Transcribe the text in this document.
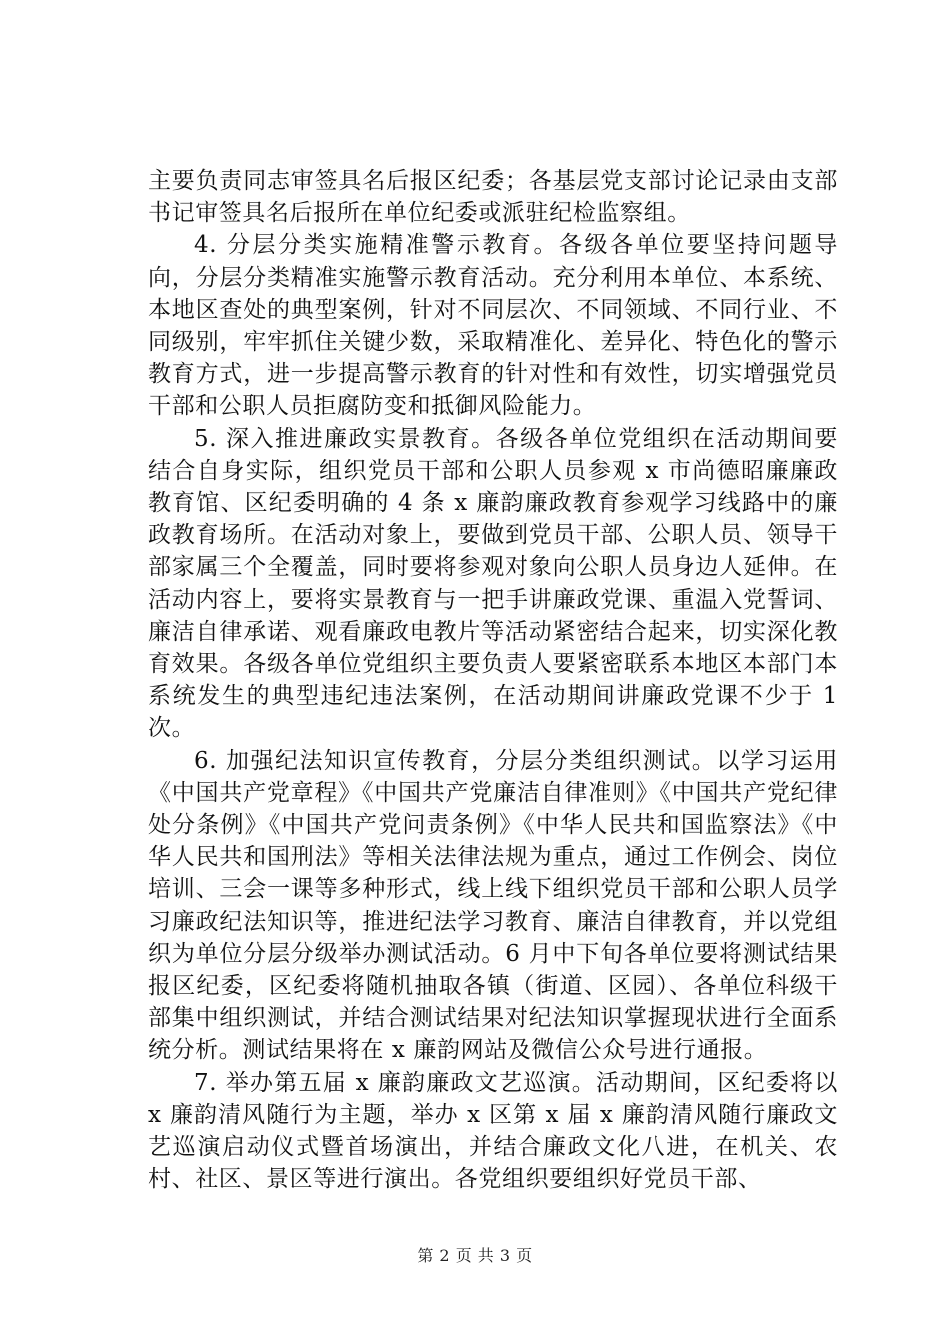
主要负责同志审签具名后报区纪委；各基层党支部讨论记录由支部书记审签具名后报所在单位纪委或派驻纪检监察组。

4. 分层分类实施精准警示教育。各级各单位要坚持问题导向，分层分类精准实施警示教育活动。充分利用本单位、本系统、本地区查处的典型案例，针对不同层次、不同领域、不同行业、不同级别，牢牢抓住关键少数，采取精准化、差异化、特色化的警示教育方式，进一步提高警示教育的针对性和有效性，切实增强党员干部和公职人员拒腐防变和抵御风险能力。

5. 深入推进廉政实景教育。各级各单位党组织在活动期间要结合自身实际，组织党员干部和公职人员参观 x 市尚德昭廉廉政教育馆、区纪委明确的 4 条 x 廉韵廉政教育参观学习线路中的廉政教育场所。在活动对象上，要做到党员干部、公职人员、领导干部家属三个全覆盖，同时要将参观对象向公职人员身边人延伸。在活动内容上，要将实景教育与一把手讲廉政党课、重温入党誓词、廉洁自律承诺、观看廉政电教片等活动紧密结合起来，切实深化教育效果。各级各单位党组织主要负责人要紧密联系本地区本部门本系统发生的典型违纪违法案例，在活动期间讲廉政党课不少于 1 次。

6. 加强纪法知识宣传教育，分层分类组织测试。以学习运用《中国共产党章程》《中国共产党廉洁自律准则》《中国共产党纪律处分条例》《中国共产党问责条例》《中华人民共和国监察法》《中华人民共和国刑法》等相关法律法规为重点，通过工作例会、岗位培训、三会一课等多种形式，线上线下组织党员干部和公职人员学习廉政纪法知识等，推进纪法学习教育、廉洁自律教育，并以党组织为单位分层分级举办测试活动。6 月中下旬各单位要将测试结果报区纪委，区纪委将随机抽取各镇（街道、区园）、各单位科级干部集中组织测试，并结合测试结果对纪法知识掌握现状进行全面系统分析。测试结果将在 x 廉韵网站及微信公众号进行通报。

7. 举办第五届 x 廉韵廉政文艺巡演。活动期间，区纪委将以 x 廉韵清风随行为主题，举办 x 区第 x 届 x 廉韵清风随行廉政文艺巡演启动仪式暨首场演出，并结合廉政文化八进，在机关、农村、社区、景区等进行演出。各党组织要组织好党员干部、

第 2 页 共 3 页
